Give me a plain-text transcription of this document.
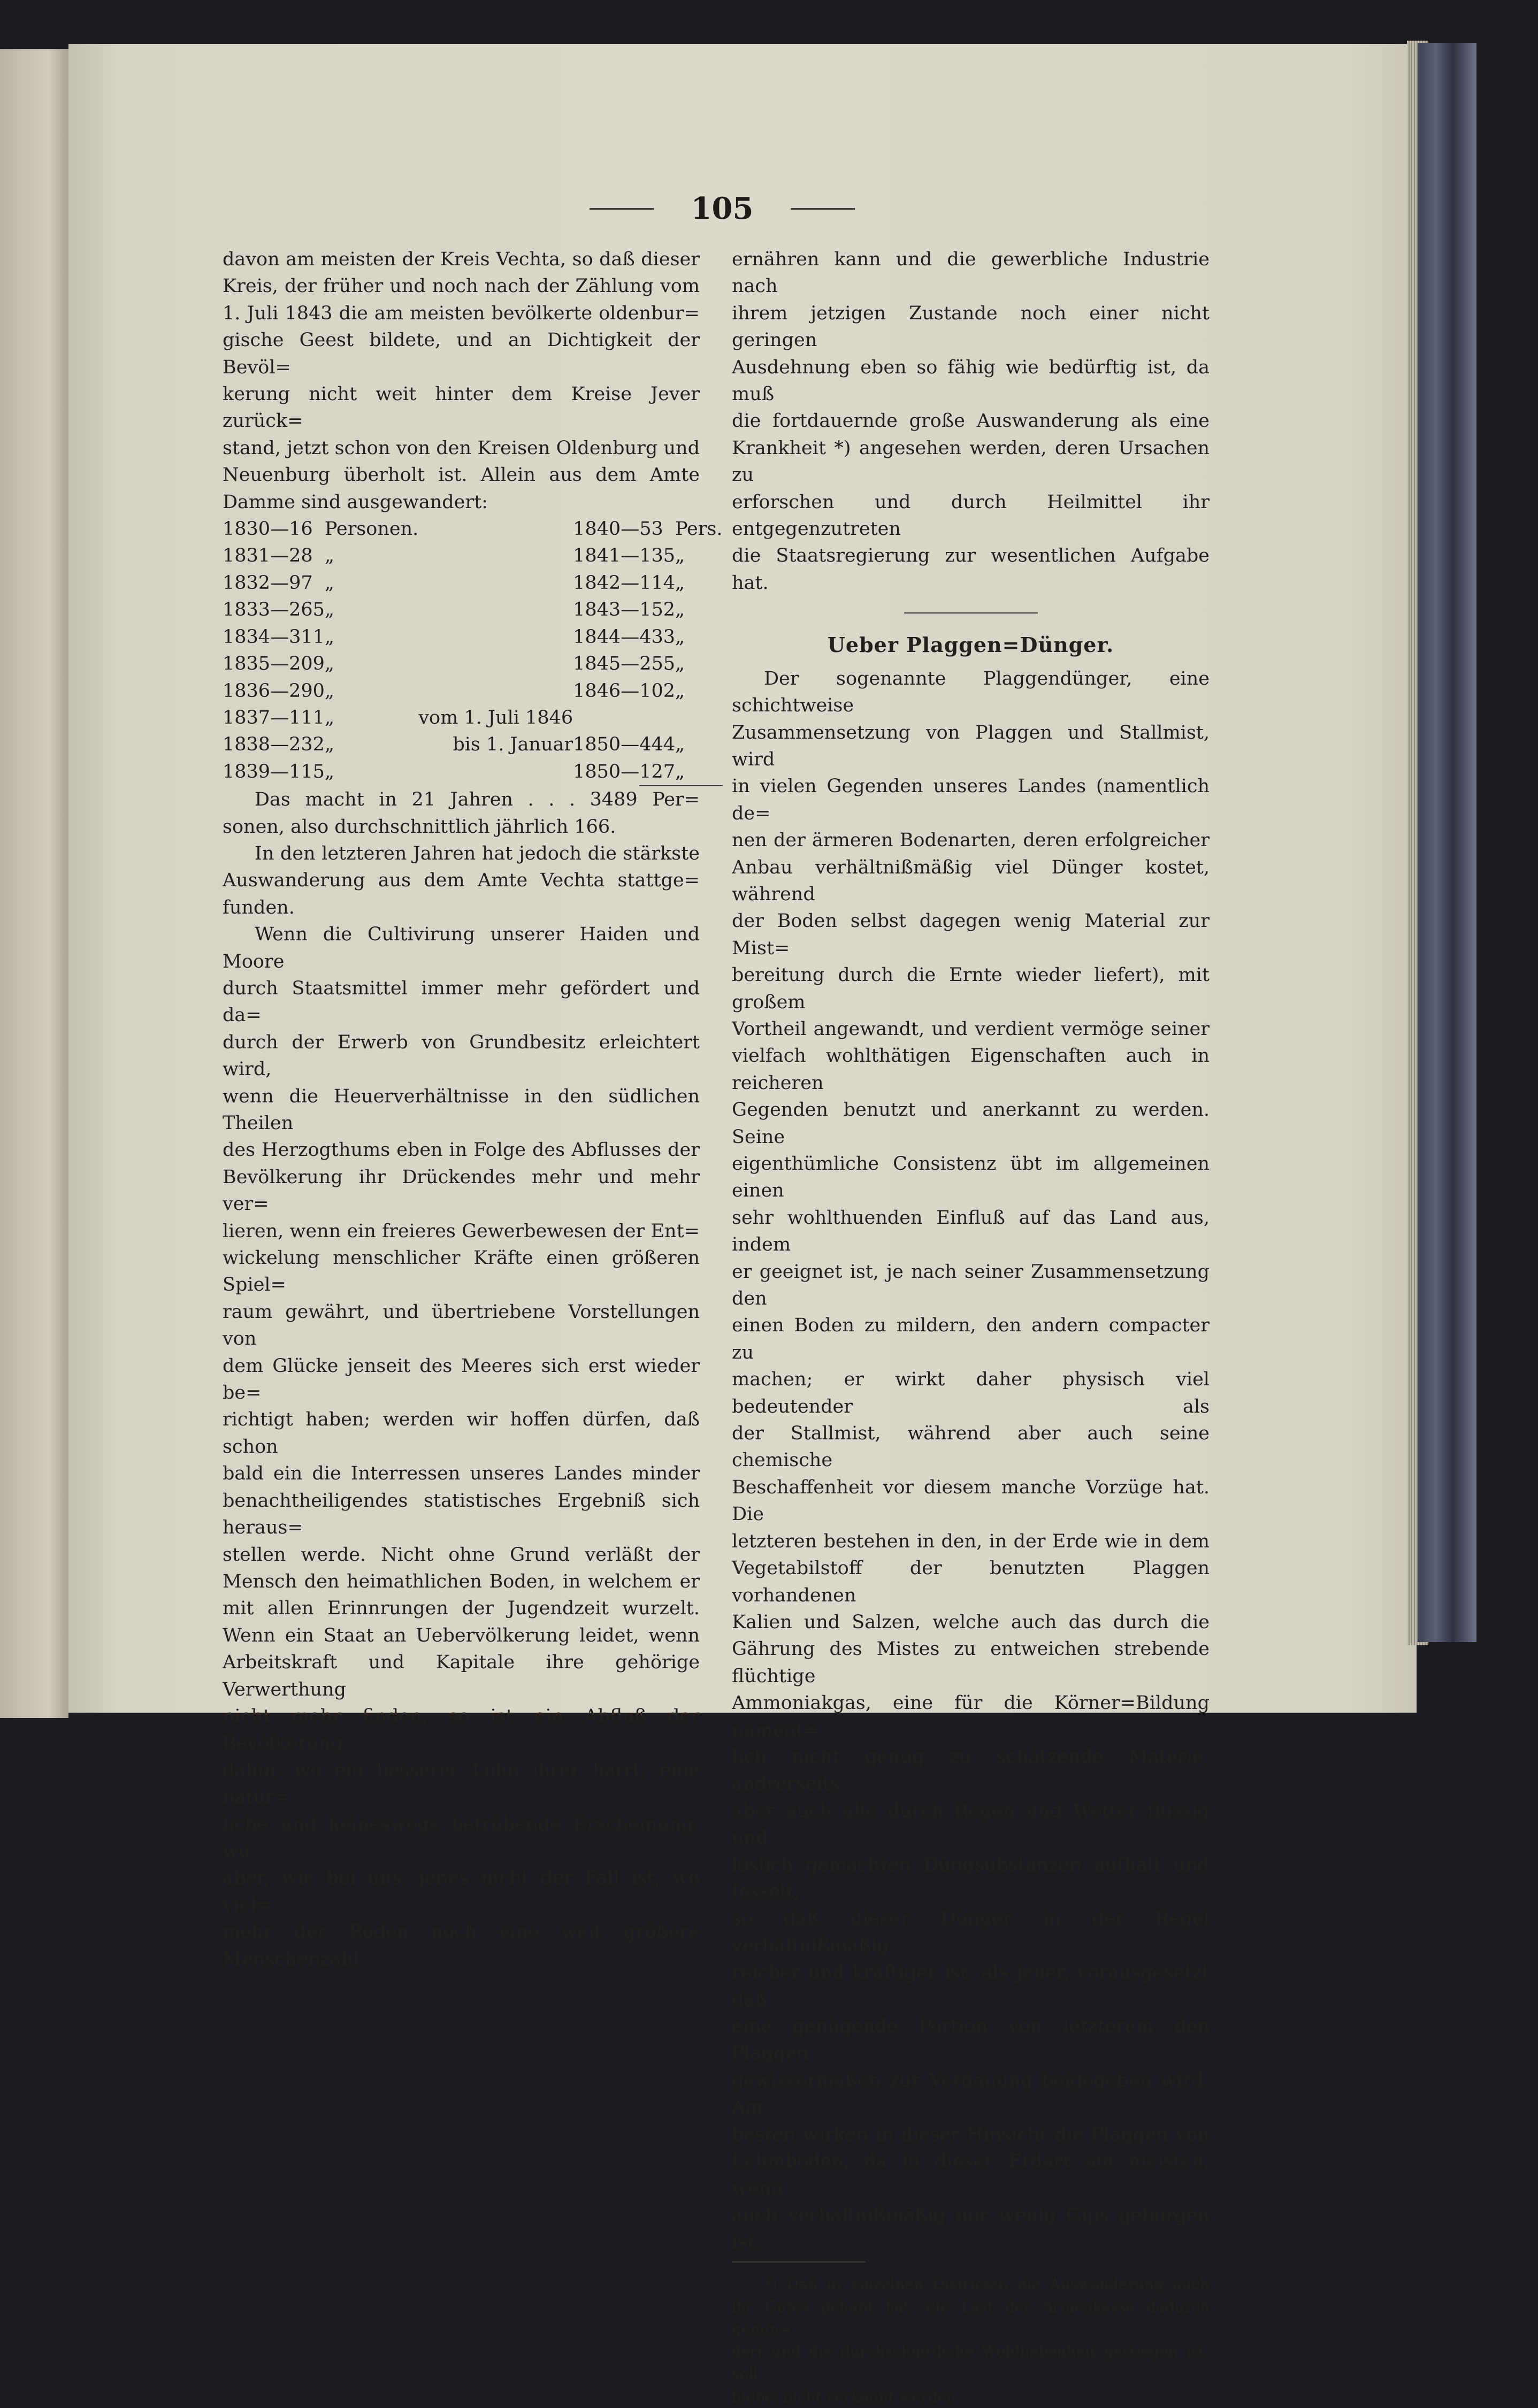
105

davon am meisten der Kreis Vechta, so daß dieser

Kreis, der früher und noch nach der Zählung vom

1. Juli 1843 die am meisten bevölkerte oldenbur=

gische Geest bildete, und an Dichtigkeit der Bevöl=

kerung nicht weit hinter dem Kreise Jever zurück=

stand, jetzt schon von den Kreisen Oldenburg und

Neuenburg überholt ist. Allein aus dem Amte

Damme sind ausgewandert:

1830	—	16	Personen.		1840	—	53	Pers.
1831	—	28	„		1841	—	135	„
1832	—	97	„		1842	—	114	„
1833	—	265	„		1843	—	152	„
1834	—	311	„		1844	—	433	„
1835	—	209	„		1845	—	255	„
1836	—	290	„		1846	—	102	„
1837	—	111	„	vom 1. Juli 1846				
1838	—	232	„	bis 1. Januar	1850	—	444	„
1839	—	115	„		1850	—	127	„

Das macht in 21 Jahren . . . 3489 Per=

sonen, also durchschnittlich jährlich 166.

In den letzteren Jahren hat jedoch die stärkste

Auswanderung aus dem Amte Vechta stattge=

funden.

Wenn die Cultivirung unserer Haiden und Moore

durch Staatsmittel immer mehr gefördert und da=

durch der Erwerb von Grundbesitz erleichtert wird,

wenn die Heuerverhältnisse in den südlichen Theilen

des Herzogthums eben in Folge des Abflusses der

Bevölkerung ihr Drückendes mehr und mehr ver=

lieren, wenn ein freieres Gewerbewesen der Ent=

wickelung menschlicher Kräfte einen größeren Spiel=

raum gewährt, und übertriebene Vorstellungen von

dem Glücke jenseit des Meeres sich erst wieder be=

richtigt haben; werden wir hoffen dürfen, daß schon

bald ein die Interressen unseres Landes minder

benachtheiligendes statistisches Ergebniß sich heraus=

stellen werde. Nicht ohne Grund verläßt der

Mensch den heimathlichen Boden, in welchem er

mit allen Erinnrungen der Jugendzeit wurzelt.

Wenn ein Staat an Uebervölkerung leidet, wenn

Arbeitskraft und Kapitale ihre gehörige Verwerthung

nicht mehr finden, so ist ein Abfluß der Bevölkerung

dahin, wo ein besserer Lohn ihrer harrt, eine natür=

liche und keineswegs betrübende Erscheinung; wo

aber, wie bei uns, jenes nicht der Fall ist, wo viel=

mehr der Boden noch eine weit größere Menschenzahl

ernähren kann und die gewerbliche Industrie nach

ihrem jetzigen Zustande noch einer nicht geringen

Ausdehnung eben so fähig wie bedürftig ist, da muß

die fortdauernde große Auswanderung als eine

Krankheit *) angesehen werden, deren Ursachen zu

erforschen und durch Heilmittel ihr entgegenzutreten

die Staatsregierung zur wesentlichen Aufgabe hat.

Ueber Plaggen=Dünger.

Der sogenannte Plaggendünger, eine schichtweise

Zusammensetzung von Plaggen und Stallmist, wird

in vielen Gegenden unseres Landes (namentlich de=

nen der ärmeren Bodenarten, deren erfolgreicher

Anbau verhältnißmäßig viel Dünger kostet, während

der Boden selbst dagegen wenig Material zur Mist=

bereitung durch die Ernte wieder liefert), mit großem

Vortheil angewandt, und verdient vermöge seiner

vielfach wohlthätigen Eigenschaften auch in reicheren

Gegenden benutzt und anerkannt zu werden. Seine

eigenthümliche Consistenz übt im allgemeinen einen

sehr wohlthuenden Einfluß auf das Land aus, indem

er geeignet ist, je nach seiner Zusammensetzung den

einen Boden zu mildern, den andern compacter zu

machen; er wirkt daher physisch viel bedeutender als

der Stallmist, während aber auch seine chemische

Beschaffenheit vor diesem manche Vorzüge hat. Die

letzteren bestehen in den, in der Erde wie in dem

Vegetabilstoff der benutzten Plaggen vorhandenen

Kalien und Salzen, welche auch das durch die

Gährung des Mistes zu entweichen strebende flüchtige

Ammoniakgas, eine für die Körner=Bildung nament=

lich nicht genug zu schätzende Materie, andrerseits

aber auch alle durch Regen und Wetter flüssig und

löslich gemachten Düngsubstanzen aufhält und fesselt,

so daß dieser Dünger in der Regel verhältnißmäßig

reicher und kräftiger ist, als jener, vorausgesetzt daß

eine genügende Portion von letzterem den Plaggen

gewissermaßen zur Verdauung beigegeben wird. Am

besten wirken in dieser Hinsicht die Plaggen von

Lehmboden, da in dieser Erdart am meisten, wenn

auch verhältnißmäßig nur wenig Gips geborgen ist,

*) Daß in einzelnen Districten die Auswanderung auch

ihr Gutes gehabt hat, die Last der Armenkasse dadurch gemin=

dert und die durchschnittliche Wohlhabenheit gestiegen ist, soll

hiebei nicht verkannt werden.
